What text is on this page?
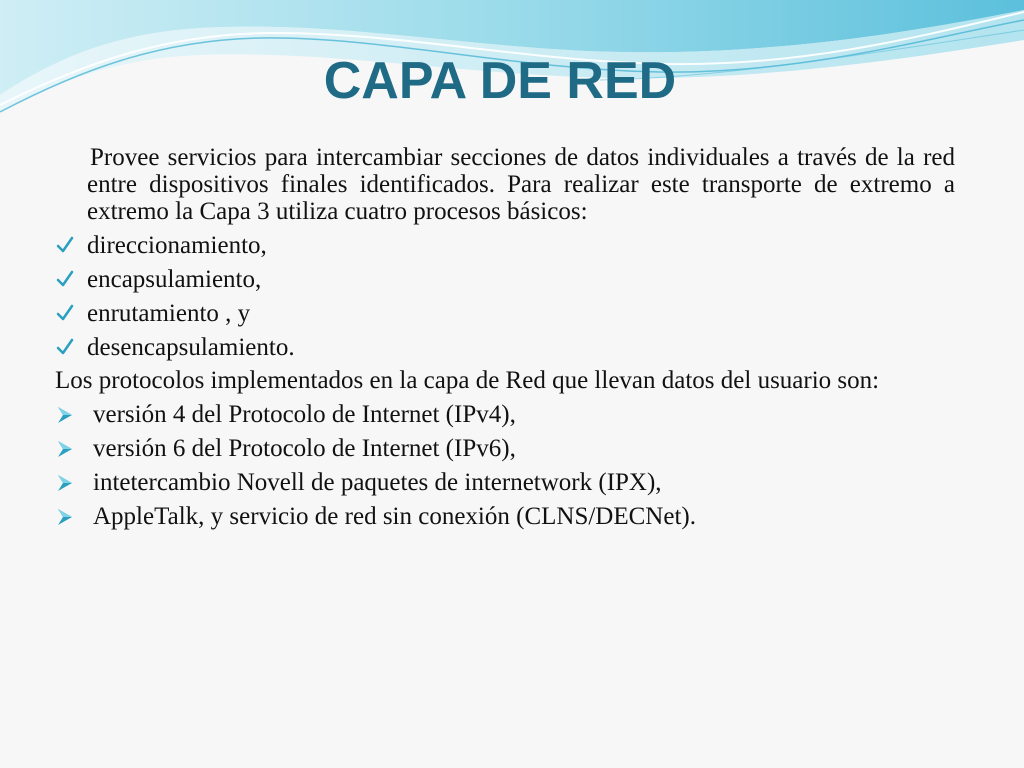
CAPA DE RED

Provee servicios para intercambiar secciones de datos individuales a través de la red entre dispositivos finales identificados. Para realizar este transporte de extremo a extremo la Capa 3 utiliza cuatro procesos básicos:

direccionamiento,
encapsulamiento,
enrutamiento , y
desencapsulamiento.

Los protocolos implementados en la capa de Red que llevan datos del usuario son:

versión 4 del Protocolo de Internet (IPv4),
versión 6 del Protocolo de Internet (IPv6),
intetercambio Novell de paquetes de internetwork (IPX),
AppleTalk, y servicio de red sin conexión (CLNS/DECNet).
